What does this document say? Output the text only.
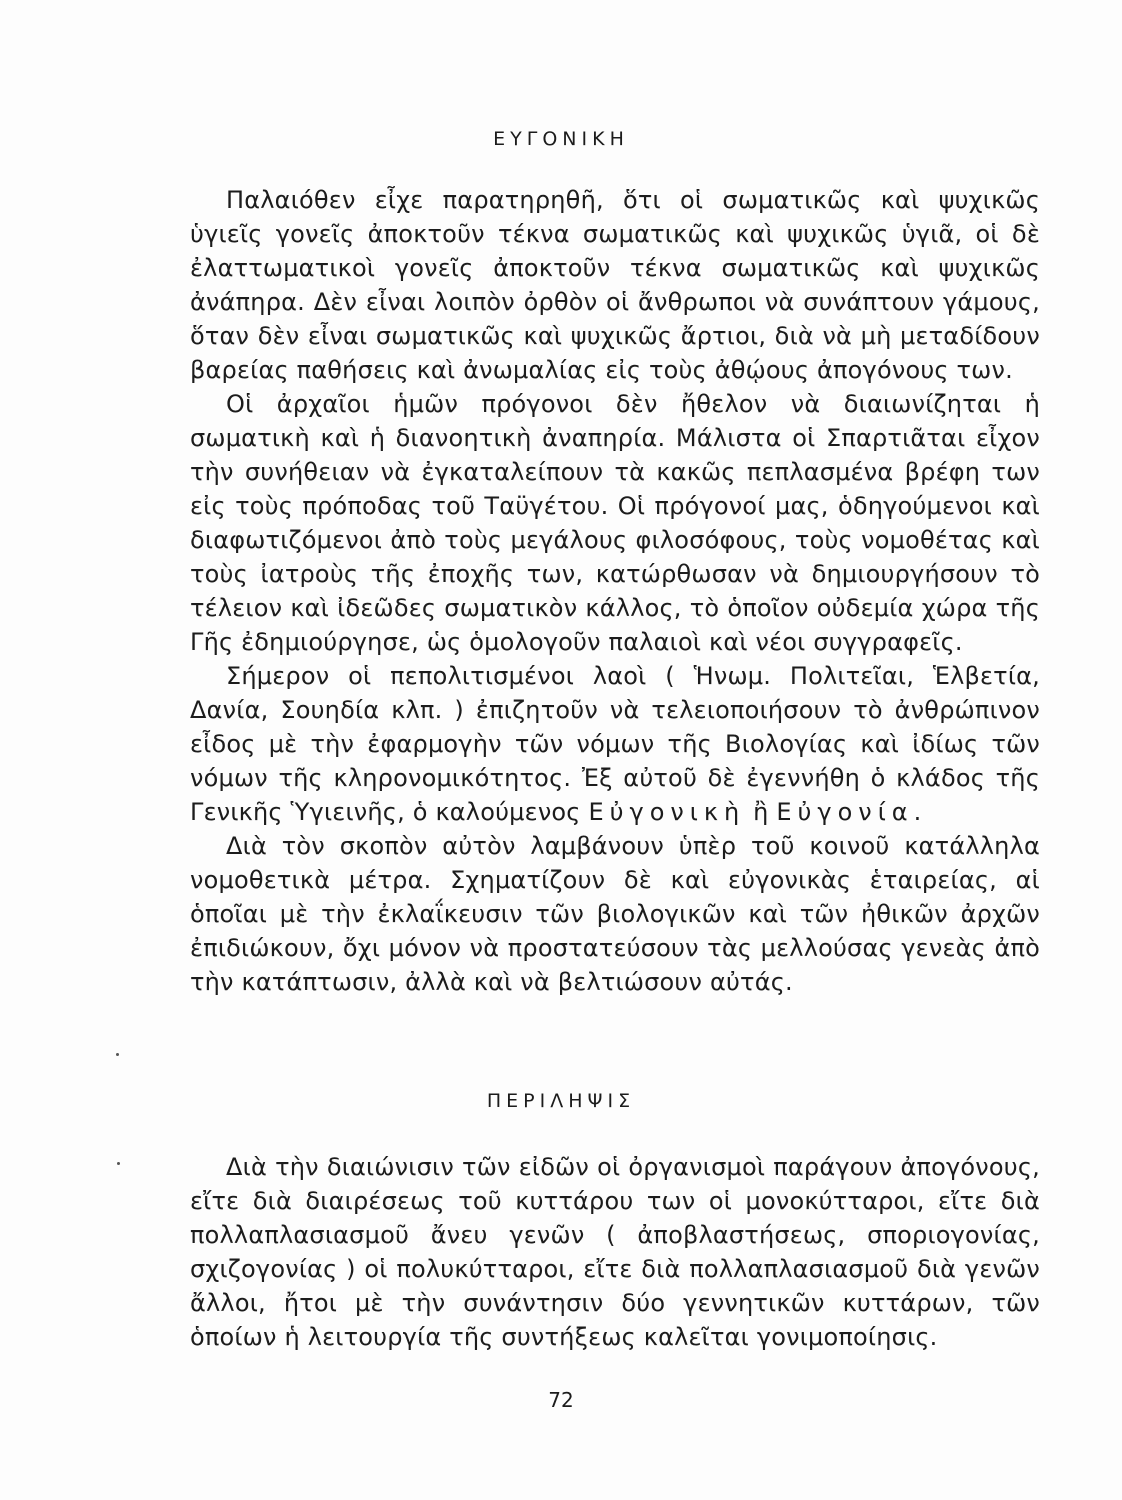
ΕΥΓΟΝΙΚΗ

Παλαιόθεν εἶχε παρατηρηθῆ, ὅτι οἱ σωματικῶς καὶ ψυχικῶς ὑγιεῖς γονεῖς ἀποκτοῦν τέκνα σωματικῶς καὶ ψυχικῶς ὑγιᾶ, οἱ δὲ ἐλαττωματικοὶ γονεῖς ἀποκτοῦν τέκνα σωματικῶς καὶ ψυχικῶς ἀνάπηρα. Δὲν εἶναι λοιπὸν ὀρθὸν οἱ ἄνθρωποι νὰ συνάπτουν γάμους, ὅταν δὲν εἶναι σωματικῶς καὶ ψυχικῶς ἄρτιοι, διὰ νὰ μὴ μεταδίδουν βαρείας παθήσεις καὶ ἀνωμαλίας εἰς τοὺς ἀθῴους ἀπογόνους των.

Οἱ ἀρχαῖοι ἡμῶν πρόγονοι δὲν ἤθελον νὰ διαιωνίζηται ἡ σωματικὴ καὶ ἡ διανοητικὴ ἀναπηρία. Μάλιστα οἱ Σπαρτιᾶται εἶχον τὴν συνήθειαν νὰ ἐγκαταλείπουν τὰ κακῶς πεπλασμένα βρέφη των εἰς τοὺς πρόποδας τοῦ Ταϋγέτου. Οἱ πρόγονοί μας, ὁδηγούμενοι καὶ διαφωτιζόμενοι ἀπὸ τοὺς μεγάλους φιλοσόφους, τοὺς νομοθέτας καὶ τοὺς ἰατροὺς τῆς ἐποχῆς των, κατώρθωσαν νὰ δημιουργήσουν τὸ τέλειον καὶ ἰδεῶδες σωματικὸν κάλλος, τὸ ὁποῖον οὐδεμία χώρα τῆς Γῆς ἐδημιούργησε, ὡς ὁμολογοῦν παλαιοὶ καὶ νέοι συγγραφεῖς.

Σήμερον οἱ πεπολιτισμένοι λαοὶ ( Ἡνωμ. Πολιτεῖαι, Ἑλβετία, Δανία, Σουηδία κλπ. ) ἐπιζητοῦν νὰ τελειοποιήσουν τὸ ἀνθρώπινον εἶδος μὲ τὴν ἐφαρμογὴν τῶν νόμων τῆς Βιολογίας καὶ ἰδίως τῶν νόμων τῆς κληρονομικότητος. Ἐξ αὐτοῦ δὲ ἐγεννήθη ὁ κλάδος τῆς Γενικῆς Ὑγιεινῆς, ὁ καλούμενος Εὐγονικὴ ἢ Εὐγονία.

Διὰ τὸν σκοπὸν αὐτὸν λαμβάνουν ὑπὲρ τοῦ κοινοῦ κατάλληλα νομοθετικὰ μέτρα. Σχηματίζουν δὲ καὶ εὐγονικὰς ἑταιρείας, αἱ ὁποῖαι μὲ τὴν ἐκλαΐκευσιν τῶν βιολογικῶν καὶ τῶν ἠθικῶν ἀρχῶν ἐπιδιώκουν, ὄχι μόνον νὰ προστατεύσουν τὰς μελλούσας γενεὰς ἀπὸ τὴν κατάπτωσιν, ἀλλὰ καὶ νὰ βελτιώσουν αὐτάς.

ΠΕΡΙΛΗΨΙΣ

Διὰ τὴν διαιώνισιν τῶν εἰδῶν οἱ ὀργανισμοὶ παράγουν ἀπογόνους, εἴτε διὰ διαιρέσεως τοῦ κυττάρου των οἱ μονοκύτταροι, εἴτε διὰ πολλαπλασιασμοῦ ἄνευ γενῶν ( ἀποβλαστήσεως, σποριογονίας, σχιζογονίας ) οἱ πολυκύτταροι, εἴτε διὰ πολλαπλασιασμοῦ διὰ γενῶν ἄλλοι, ἤτοι μὲ τὴν συνάντησιν δύο γεννητικῶν κυττάρων, τῶν ὁποίων ἡ λειτουργία τῆς συντήξεως καλεῖται γονιμοποίησις.

72
